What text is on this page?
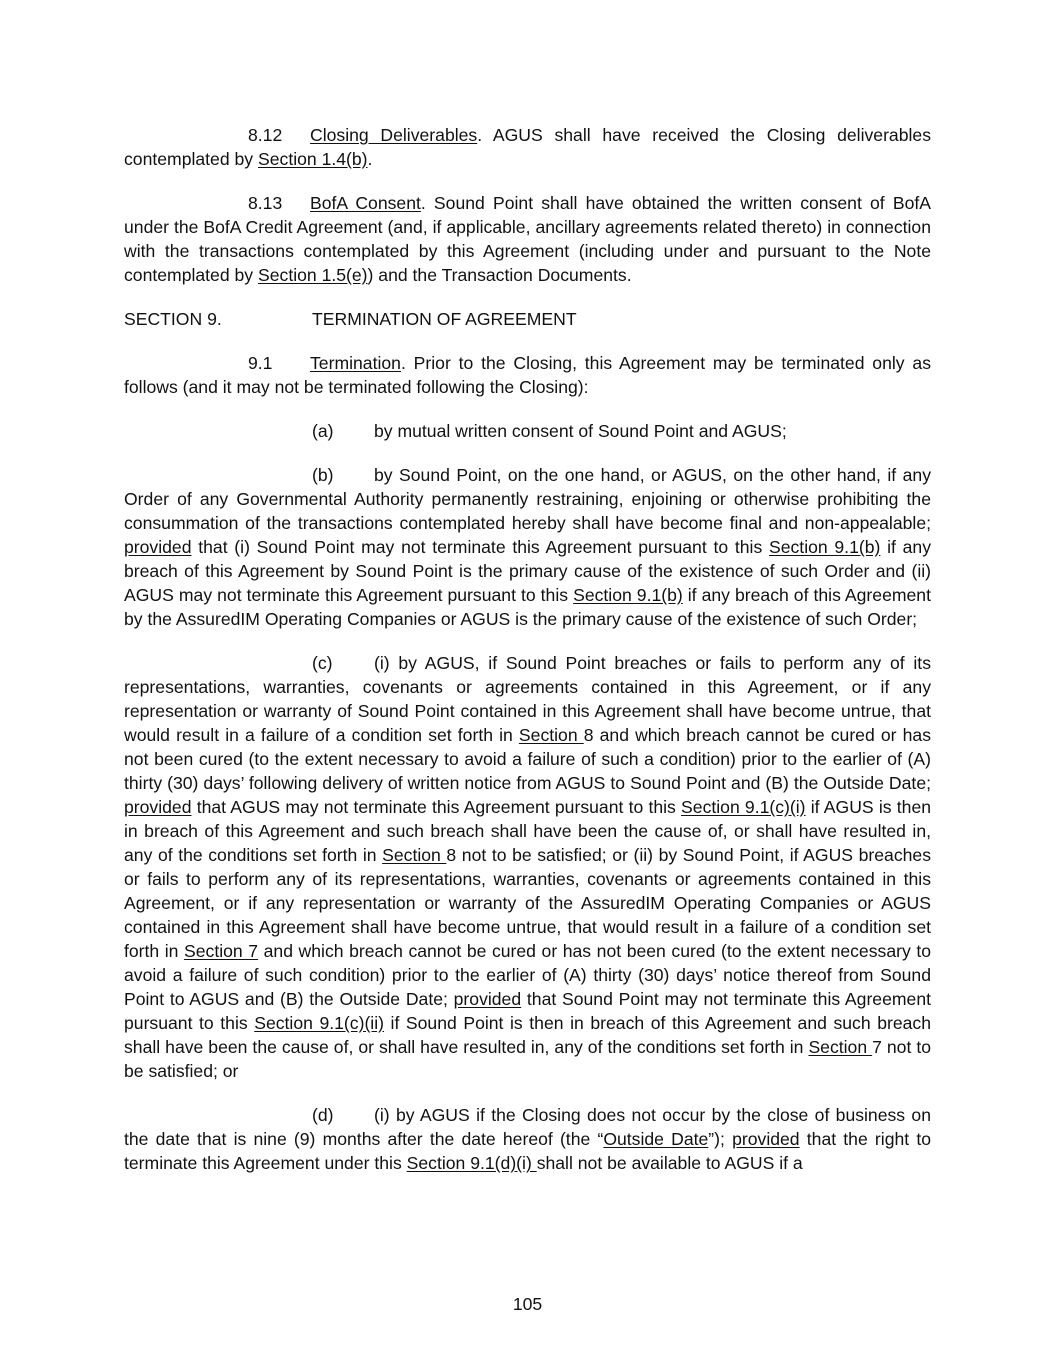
8.12 Closing Deliverables. AGUS shall have received the Closing deliverables contemplated by Section 1.4(b).

8.13 BofA Consent. Sound Point shall have obtained the written consent of BofA under the BofA Credit Agreement (and, if applicable, ancillary agreements related thereto) in connection with the transactions contemplated by this Agreement (including under and pursuant to the Note contemplated by Section 1.5(e)) and the Transaction Documents.

SECTION 9.	TERMINATION OF AGREEMENT

9.1 Termination. Prior to the Closing, this Agreement may be terminated only as follows (and it may not be terminated following the Closing):

(a) by mutual written consent of Sound Point and AGUS;

(b) by Sound Point, on the one hand, or AGUS, on the other hand, if any Order of any Governmental Authority permanently restraining, enjoining or otherwise prohibiting the consummation of the transactions contemplated hereby shall have become final and non-appealable; provided that (i) Sound Point may not terminate this Agreement pursuant to this Section 9.1(b) if any breach of this Agreement by Sound Point is the primary cause of the existence of such Order and (ii) AGUS may not terminate this Agreement pursuant to this Section 9.1(b) if any breach of this Agreement by the AssuredIM Operating Companies or AGUS is the primary cause of the existence of such Order;

(c) (i) by AGUS, if Sound Point breaches or fails to perform any of its representations, warranties, covenants or agreements contained in this Agreement, or if any representation or warranty of Sound Point contained in this Agreement shall have become untrue, that would result in a failure of a condition set forth in Section 8 and which breach cannot be cured or has not been cured (to the extent necessary to avoid a failure of such a condition) prior to the earlier of (A) thirty (30) days’ following delivery of written notice from AGUS to Sound Point and (B) the Outside Date; provided that AGUS may not terminate this Agreement pursuant to this Section 9.1(c)(i) if AGUS is then in breach of this Agreement and such breach shall have been the cause of, or shall have resulted in, any of the conditions set forth in Section 8 not to be satisfied; or (ii) by Sound Point, if AGUS breaches or fails to perform any of its representations, warranties, covenants or agreements contained in this Agreement, or if any representation or warranty of the AssuredIM Operating Companies or AGUS contained in this Agreement shall have become untrue, that would result in a failure of a condition set forth in Section 7 and which breach cannot be cured or has not been cured (to the extent necessary to avoid a failure of such condition) prior to the earlier of (A) thirty (30) days’ notice thereof from Sound Point to AGUS and (B) the Outside Date; provided that Sound Point may not terminate this Agreement pursuant to this Section 9.1(c)(ii) if Sound Point is then in breach of this Agreement and such breach shall have been the cause of, or shall have resulted in, any of the conditions set forth in Section 7 not to be satisfied; or

(d) (i) by AGUS if the Closing does not occur by the close of business on the date that is nine (9) months after the date hereof (the “Outside Date”); provided that the right to terminate this Agreement under this Section 9.1(d)(i) shall not be available to AGUS if a

105
